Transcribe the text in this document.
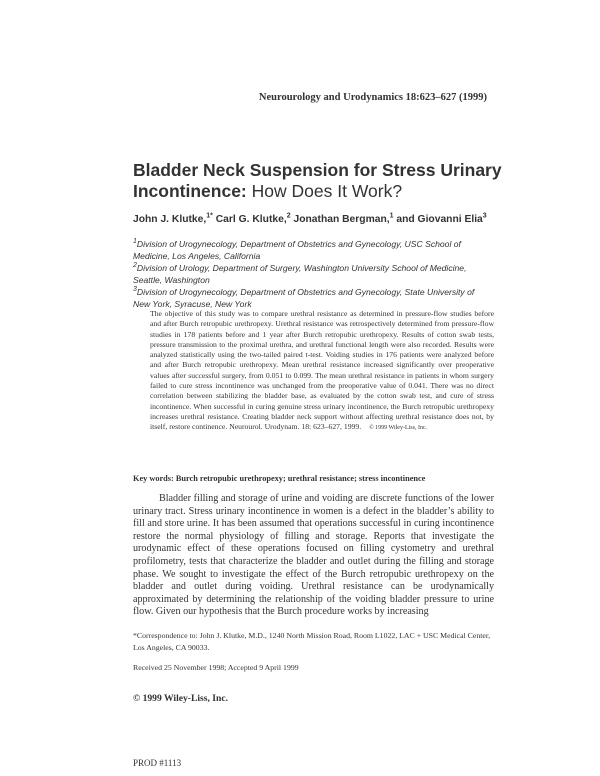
Neurourology and Urodynamics 18:623–627 (1999)
Bladder Neck Suspension for Stress Urinary Incontinence: How Does It Work?
John J. Klutke,$^{1*}$ Carl G. Klutke,$^2$ Jonathan Bergman,$^1$ and Giovanni Elia$^3$

$^1$Division of Urogynecology, Department of Obstetrics and Gynecology, USC School of Medicine, Los Angeles, California

$^2$Division of Urology, Department of Surgery, Washington University School of Medicine, Seattle, Washington

$^3$Division of Urogynecology, Department of Obstetrics and Gynecology, State University of New York, Syracuse, New York

The objective of this study was to compare urethral resistance as determined in pressure-flow studies before and after Burch retropubic urethropexy. Urethral resistance was retrospectively determined from pressure-flow studies in 178 patients before and 1 year after Burch retropubic urethropexy. Results of cotton swab tests, pressure transmission to the proximal urethra, and urethral functional length were also recorded. Results were analyzed statistically using the two-tailed paired t-test. Voiding studies in 176 patients were analyzed before and after Burch retropubic urethropexy. Mean urethral resistance increased significantly over preoperative values after successful surgery, from 0.051 to 0.099. The mean urethral resistance in patients in whom surgery failed to cure stress incontinence was unchanged from the preoperative value of 0.041. There was no direct correlation between stabilizing the bladder base, as evaluated by the cotton swab test, and cure of stress incontinence. When successful in curing genuine stress urinary incontinence, the Burch retropubic urethropexy increases urethral resistance. Creating bladder neck support without affecting urethral resistance does not, by itself, restore continence. Neurourol. Urodynam. 18: 623–627, 1999. © 1999 Wiley-Liss, Inc.
Key words: Burch retropubic urethropexy; urethral resistance; stress incontinence
Bladder filling and storage of urine and voiding are discrete functions of the lower urinary tract. Stress urinary incontinence in women is a defect in the bladder’s ability to fill and store urine. It has been assumed that operations successful in curing incontinence restore the normal physiology of filling and storage. Reports that investigate the urodynamic effect of these operations focused on filling cystometry and urethral profilometry, tests that characterize the bladder and outlet during the filling and storage phase. We sought to investigate the effect of the Burch retropubic urethropexy on the bladder and outlet during voiding. Urethral resistance can be urodynamically approximated by determining the relationship of the voiding bladder pressure to urine flow. Given our hypothesis that the Burch procedure works by increasing
*Correspondence to: John J. Klutke, M.D., 1240 North Mission Road, Room L1022, LAC + USC Medical Center, Los Angeles, CA 90033.
Received 25 November 1998; Accepted 9 April 1999
© 1999 Wiley-Liss, Inc.
PROD #1113
